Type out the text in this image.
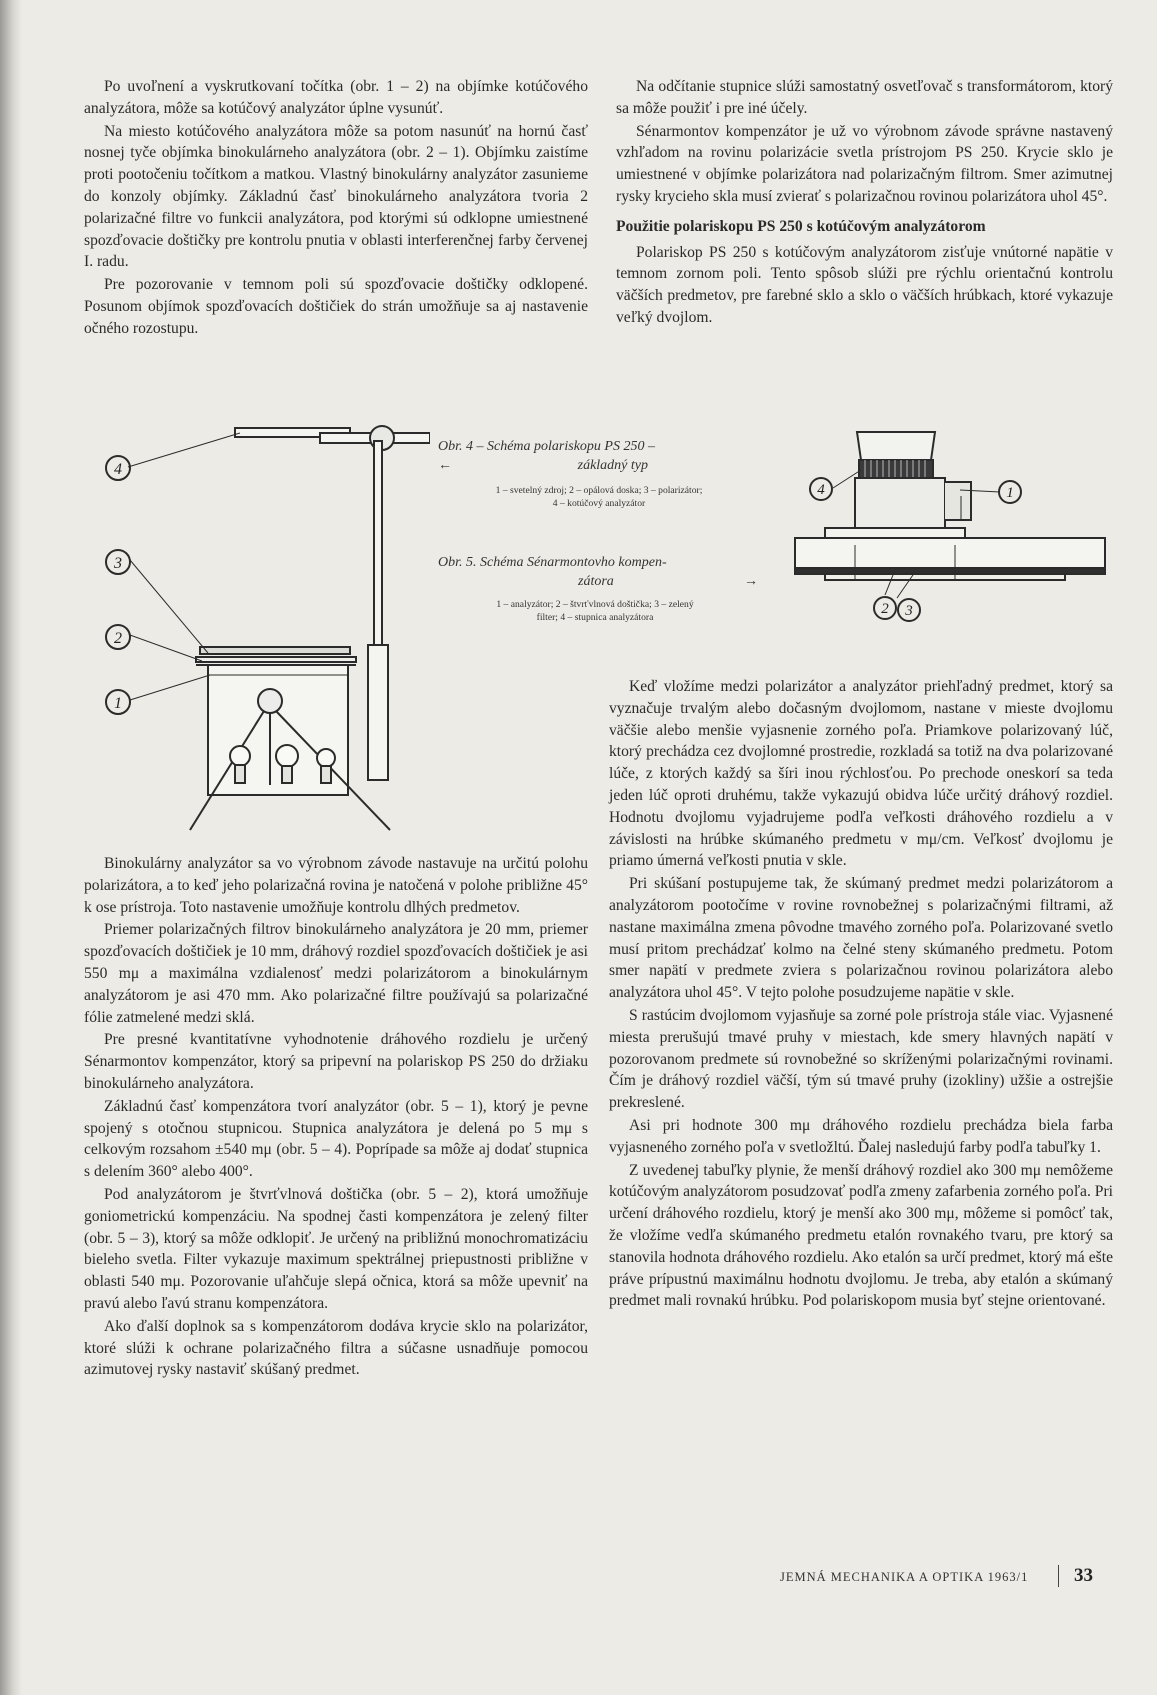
Po uvoľnení a vyskrutkovaní točítka (obr. 1 – 2) na objímke kotúčového analyzátora, môže sa kotúčový analyzátor úplne vysunúť.

Na miesto kotúčového analyzátora môže sa potom nasunúť na hornú časť nosnej tyče objímka binokulárneho analyzátora (obr. 2 – 1). Objímku zaistíme proti pootočeniu točítkom a matkou. Vlastný binokulárny analyzátor zasunieme do konzoly objímky. Základnú časť binokulárneho analyzátora tvoria 2 polarizačné filtre vo funkcii analyzátora, pod ktorými sú odklopne umiestnené spozďovacie doštičky pre kontrolu pnutia v oblasti interferenčnej farby červenej I. radu.

Pre pozorovanie v temnom poli sú spozďovacie doštičky odklopené. Posunom objímok spozďovacích doštičiek do strán umožňuje sa aj nastavenie očného rozostupu.

Na odčítanie stupnice slúži samostatný osvetľovač s transformátorom, ktorý sa môže použiť i pre iné účely.

Sénarmontov kompenzátor je už vo výrobnom závode správne nastavený vzhľadom na rovinu polarizácie svetla prístrojom PS 250. Krycie sklo je umiestnené v objímke polarizátora nad polarizačným filtrom. Smer azimutnej rysky krycieho skla musí zvierať s polarizačnou rovinou polarizátora uhol 45°.

Použitie polariskopu PS 250 s kotúčovým analyzátorom

Polariskop PS 250 s kotúčovým analyzátorom zisťuje vnútorné napätie v temnom zornom poli. Tento spôsob slúži pre rýchlu orientačnú kontrolu väčších predmetov, pre farebné sklo a sklo o väčších hrúbkach, ktoré vykazuje veľký dvojlom.

4
3
2
1
Obr. 4 – Schéma polariskopu PS 250 –
←	základný typ
1 – svetelný zdroj; 2 – opálová doska; 3 – polarizátor;
4 – kotúčový analyzátor
Obr. 5. Schéma Sénarmontovho kompen-
zátora	→
1 – analyzátor; 2 – štvrťvlnová doštička; 3 – zelený
filter; 4 – stupnica analyzátora
1
4
2 3

Binokulárny analyzátor sa vo výrobnom závode nastavuje na určitú polohu polarizátora, a to keď jeho polarizačná rovina je natočená v polohe približne 45° k ose prístroja. Toto nastavenie umožňuje kontrolu dlhých predmetov.

Priemer polarizačných filtrov binokulárneho analyzátora je 20 mm, priemer spozďovacích doštičiek je 10 mm, dráhový rozdiel spozďovacích doštičiek je asi 550 mμ a maximálna vzdialenosť medzi polarizátorom a binokulárnym analyzátorom je asi 470 mm. Ako polarizačné filtre používajú sa polarizačné fólie zatmelené medzi sklá.

Pre presné kvantitatívne vyhodnotenie dráhového rozdielu je určený Sénarmontov kompenzátor, ktorý sa pripevní na polariskop PS 250 do držiaku binokulárneho analyzátora.

Základnú časť kompenzátora tvorí analyzátor (obr. 5 – 1), ktorý je pevne spojený s otočnou stupnicou. Stupnica analyzátora je delená po 5 mμ s celkovým rozsahom ±540 mμ (obr. 5 – 4). Poprípade sa môže aj dodať stupnica s delením 360° alebo 400°.

Pod analyzátorom je štvrťvlnová doštička (obr. 5 – 2), ktorá umožňuje goniometrickú kompenzáciu. Na spodnej časti kompenzátora je zelený filter (obr. 5 – 3), ktorý sa môže odklopiť. Je určený na približnú monochromatizáciu bieleho svetla. Filter vykazuje maximum spektrálnej priepustnosti približne v oblasti 540 mμ. Pozorovanie uľahčuje slepá očnica, ktorá sa môže upevniť na pravú alebo ľavú stranu kompenzátora.

Ako ďalší doplnok sa s kompenzátorom dodáva krycie sklo na polarizátor, ktoré slúži k ochrane polarizačného filtra a súčasne usnadňuje pomocou azimutovej rysky nastaviť skúšaný predmet.

Keď vložíme medzi polarizátor a analyzátor priehľadný predmet, ktorý sa vyznačuje trvalým alebo dočasným dvojlomom, nastane v mieste dvojlomu väčšie alebo menšie vyjasnenie zorného poľa. Priamkove polarizovaný lúč, ktorý prechádza cez dvojlomné prostredie, rozkladá sa totiž na dva polarizované lúče, z ktorých každý sa šíri inou rýchlosťou. Po prechode oneskorí sa teda jeden lúč oproti druhému, takže vykazujú obidva lúče určitý dráhový rozdiel. Hodnotu dvojlomu vyjadrujeme podľa veľkosti dráhového rozdielu a v závislosti na hrúbke skúmaného predmetu v mμ/cm. Veľkosť dvojlomu je priamo úmerná veľkosti pnutia v skle.

Pri skúšaní postupujeme tak, že skúmaný predmet medzi polarizátorom a analyzátorom pootočíme v rovine rovnobežnej s polarizačnými filtrami, až nastane maximálna zmena pôvodne tmavého zorného poľa. Polarizované svetlo musí pritom prechádzať kolmo na čelné steny skúmaného predmetu. Potom smer napätí v predmete zviera s polarizačnou rovinou polarizátora alebo analyzátora uhol 45°. V tejto polohe posudzujeme napätie v skle.

S rastúcim dvojlomom vyjasňuje sa zorné pole prístroja stále viac. Vyjasnené miesta prerušujú tmavé pruhy v miestach, kde smery hlavných napätí v pozorovanom predmete sú rovnobežné so skríženými polarizačnými rovinami. Čím je dráhový rozdiel väčší, tým sú tmavé pruhy (izokliny) užšie a ostrejšie prekreslené.

Asi pri hodnote 300 mμ dráhového rozdielu prechádza biela farba vyjasneného zorného poľa v svetložltú. Ďalej nasledujú farby podľa tabuľky 1.

Z uvedenej tabuľky plynie, že menší dráhový rozdiel ako 300 mμ nemôžeme kotúčovým analyzátorom posudzovať podľa zmeny zafarbenia zorného poľa. Pri určení dráhového rozdielu, ktorý je menší ako 300 mμ, môžeme si pomôcť tak, že vložíme vedľa skúmaného predmetu etalón rovnakého tvaru, pre ktorý sa stanovila hodnota dráhového rozdielu. Ako etalón sa určí predmet, ktorý má ešte práve prípustnú maximálnu hodnotu dvojlomu. Je treba, aby etalón a skúmaný predmet mali rovnakú hrúbku. Pod polariskopom musia byť stejne orientované.

JEMNÁ MECHANIKA A OPTIKA 1963/1 33
